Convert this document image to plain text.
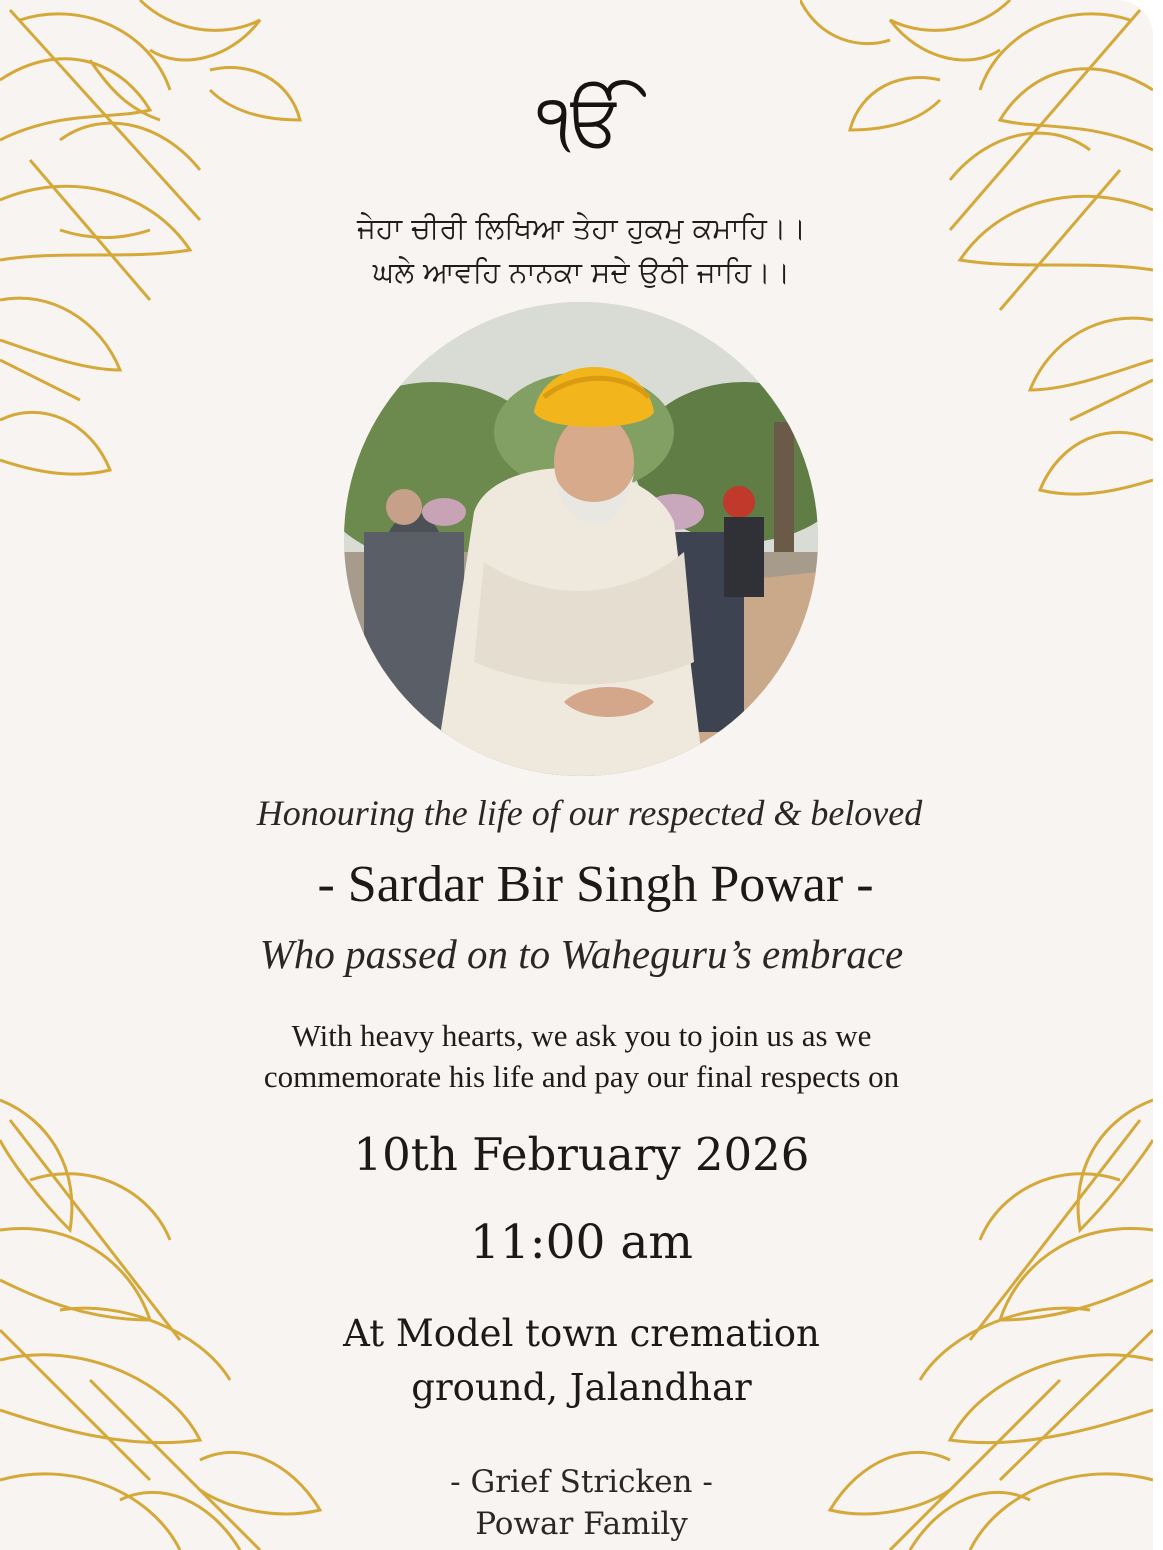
ੴ
ਜੇਹਾ ਚੀਰੀ ਲਿਖਿਆ ਤੇਹਾ ਹੁਕਮੁ ਕਮਾਹਿ।।
ਘਲੇ ਆਵਹਿ ਨਾਨਕਾ ਸਦੇ ਉਠੀ ਜਾਹਿ।।
Honouring the life of our respected & beloved
- Sardar Bir Singh Powar -
Who passed on to Waheguru’s embrace
With heavy hearts, we ask you to join us as we
commemorate his life and pay our final respects on
10th February 2026
11:00 am
At Model town cremation
ground, Jalandhar
- Grief Stricken -
Powar Family
